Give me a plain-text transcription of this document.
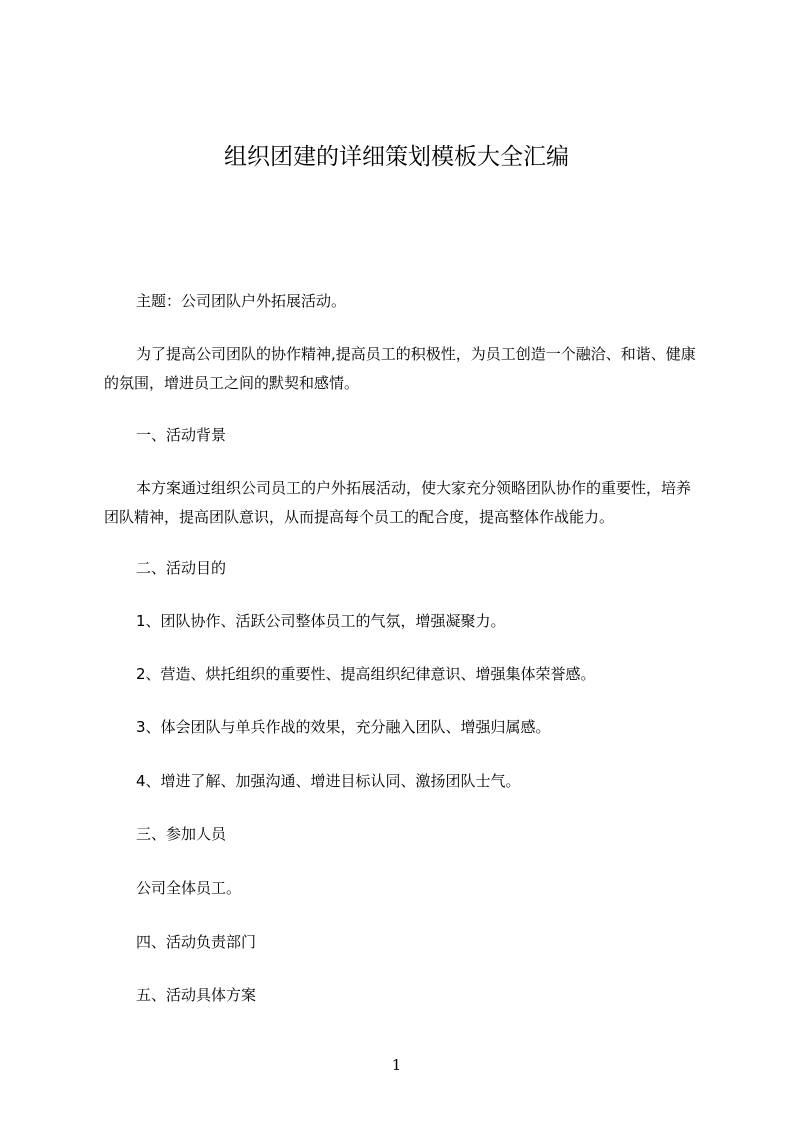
组织团建的详细策划模板大全汇编
主题：公司团队户外拓展活动。
为了提高公司团队的协作精神,提高员工的积极性，为员工创造一个融洽、和谐、健康的氛围，增进员工之间的默契和感情。
一、活动背景
本方案通过组织公司员工的户外拓展活动，使大家充分领略团队协作的重要性，培养团队精神，提高团队意识，从而提高每个员工的配合度，提高整体作战能力。
二、活动目的
1、团队协作、活跃公司整体员工的气氛，增强凝聚力。
2、营造、烘托组织的重要性、提高组织纪律意识、增强集体荣誉感。
3、体会团队与单兵作战的效果，充分融入团队、增强归属感。
4、增进了解、加强沟通、增进目标认同、激扬团队士气。
三、参加人员
公司全体员工。
四、活动负责部门
五、活动具体方案
1
